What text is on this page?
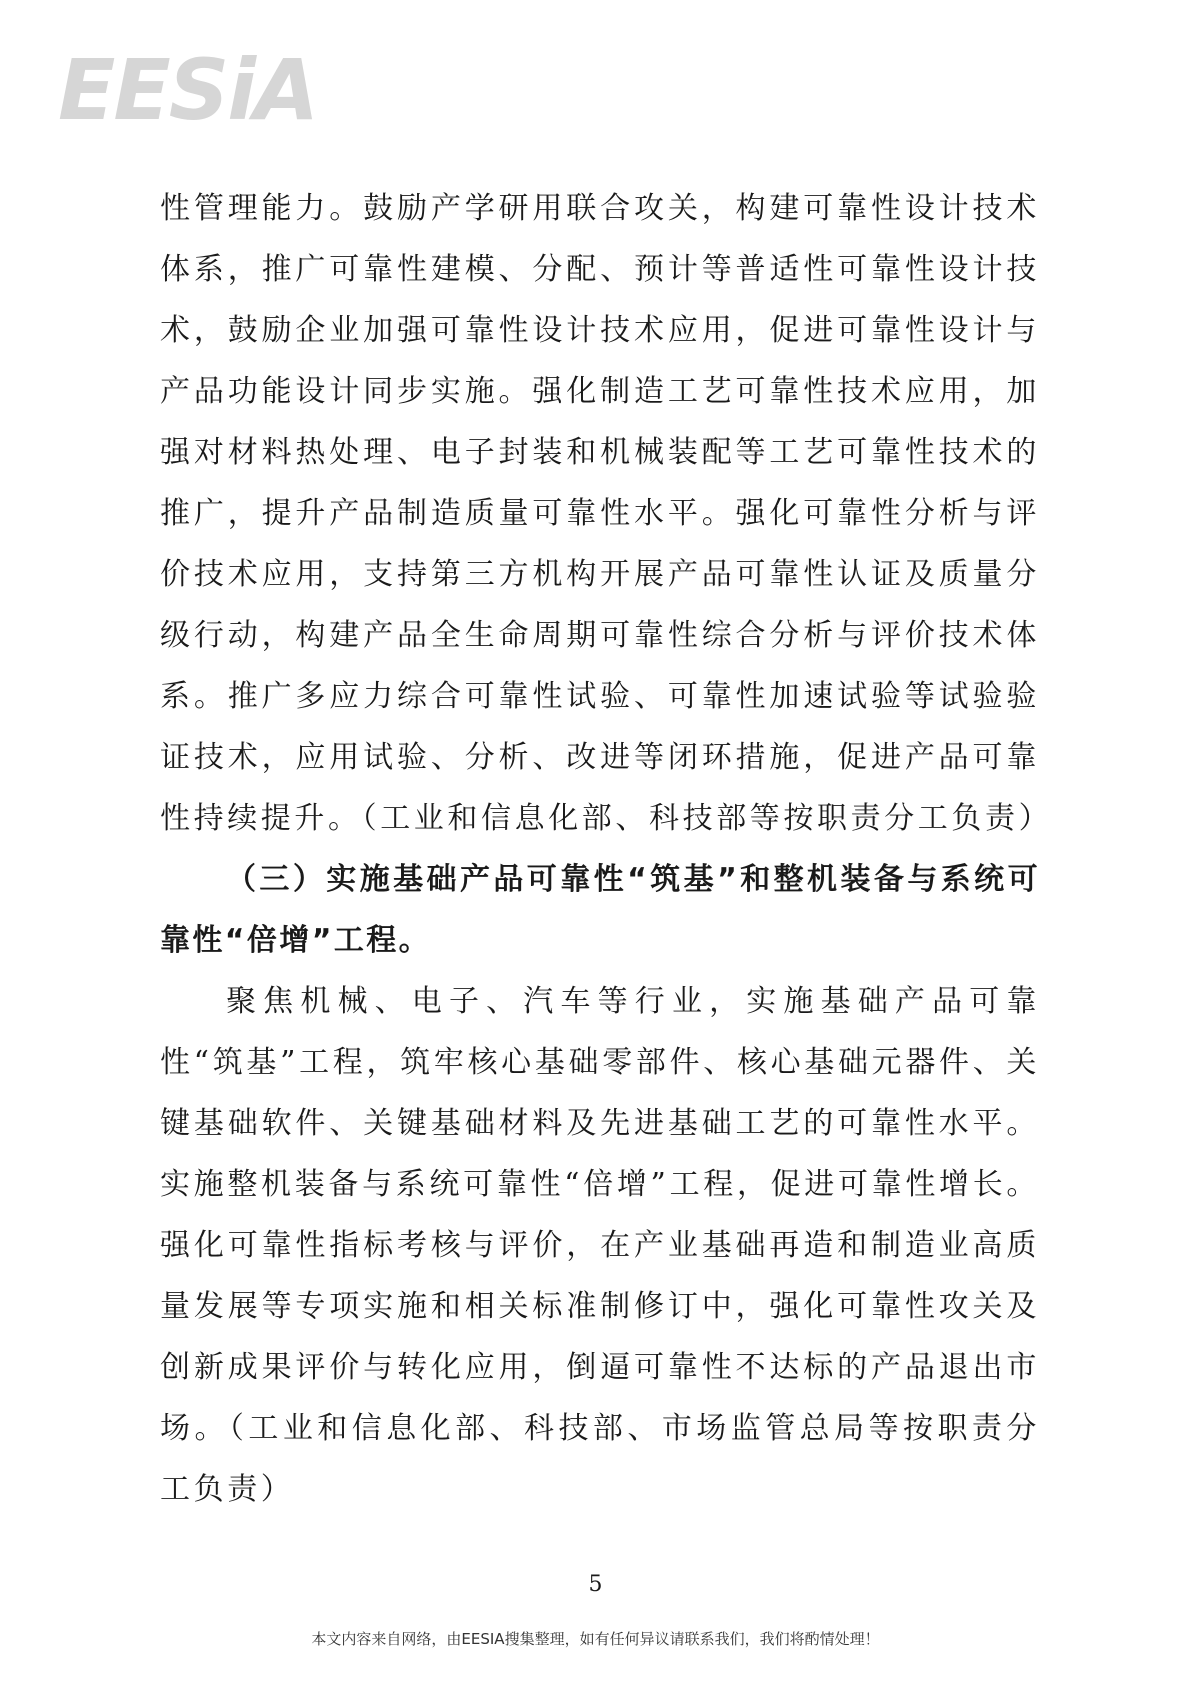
EESiA

性管理能力。鼓励产学研用联合攻关，构建可靠性设计技术体系，推广可靠性建模、分配、预计等普适性可靠性设计技术，鼓励企业加强可靠性设计技术应用，促进可靠性设计与产品功能设计同步实施。强化制造工艺可靠性技术应用，加强对材料热处理、电子封装和机械装配等工艺可靠性技术的推广，提升产品制造质量可靠性水平。强化可靠性分析与评价技术应用，支持第三方机构开展产品可靠性认证及质量分级行动，构建产品全生命周期可靠性综合分析与评价技术体系。推广多应力综合可靠性试验、可靠性加速试验等试验验证技术，应用试验、分析、改进等闭环措施，促进产品可靠性持续提升。（工业和信息化部、科技部等按职责分工负责）

（三）实施基础产品可靠性“筑基”和整机装备与系统可靠性“倍增”工程。

聚焦机械、电子、汽车等行业，实施基础产品可靠性“筑基”工程，筑牢核心基础零部件、核心基础元器件、关键基础软件、关键基础材料及先进基础工艺的可靠性水平。实施整机装备与系统可靠性“倍增”工程，促进可靠性增长。强化可靠性指标考核与评价，在产业基础再造和制造业高质量发展等专项实施和相关标准制修订中，强化可靠性攻关及创新成果评价与转化应用，倒逼可靠性不达标的产品退出市场。（工业和信息化部、科技部、市场监管总局等按职责分工负责）

5
本文内容来自网络，由EESIA搜集整理，如有任何异议请联系我们，我们将酌情处理！
